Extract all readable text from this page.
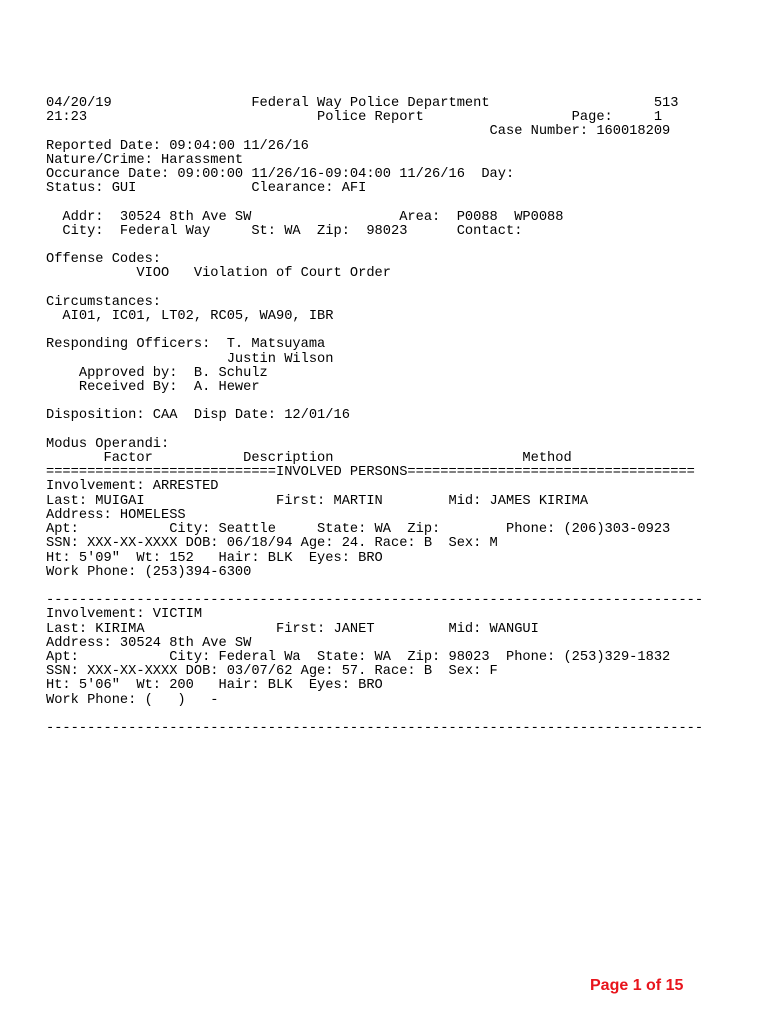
04/20/19                 Federal Way Police Department                    513
21:23                            Police Report                  Page:     1
Case Number: 160018209
Reported Date: 09:04:00 11/26/16
Nature/Crime: Harassment
Occurance Date: 09:00:00 11/26/16-09:04:00 11/26/16  Day:
Status: GUI              Clearance: AFI

Addr:  30524 8th Ave SW                  Area:  P0088  WP0088
City:  Federal Way     St: WA  Zip:  98023      Contact:

Offense Codes:
VIOO   Violation of Court Order

Circumstances:
AI01, IC01, LT02, RC05, WA90, IBR

Responding Officers:  T. Matsuyama
Justin Wilson
Approved by:  B. Schulz
Received By:  A. Hewer

Disposition: CAA  Disp Date: 12/01/16

Modus Operandi:
Factor           Description                       Method
============================INVOLVED PERSONS===================================
Involvement: ARRESTED
Last: MUIGAI                First: MARTIN        Mid: JAMES KIRIMA
Address: HOMELESS
Apt:           City: Seattle     State: WA  Zip:        Phone: (206)303-0923
SSN: XXX-XX-XXXX DOB: 06/18/94 Age: 24. Race: B  Sex: M
Ht: 5'09"  Wt: 152   Hair: BLK  Eyes: BRO
Work Phone: (253)394-6300

--------------------------------------------------------------------------------
Involvement: VICTIM
Last: KIRIMA                First: JANET         Mid: WANGUI
Address: 30524 8th Ave SW
Apt:           City: Federal Wa  State: WA  Zip: 98023  Phone: (253)329-1832
SSN: XXX-XX-XXXX DOB: 03/07/62 Age: 57. Race: B  Sex: F
Ht: 5'06"  Wt: 200   Hair: BLK  Eyes: BRO
Work Phone: (   )   -

--------------------------------------------------------------------------------

Page 1 of 15
